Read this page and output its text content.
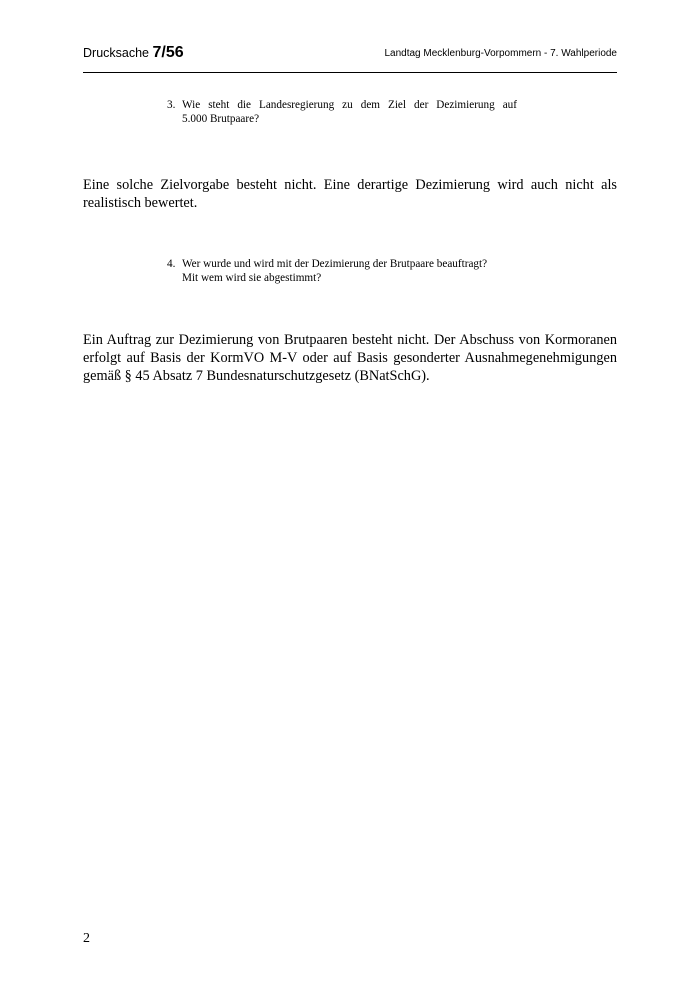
Drucksache 7/56	Landtag Mecklenburg-Vorpommern - 7. Wahlperiode
3. Wie steht die Landesregierung zu dem Ziel der Dezimierung auf
5.000 Brutpaare?
Eine solche Zielvorgabe besteht nicht. Eine derartige Dezimierung wird auch nicht als realistisch bewertet.
4. Wer wurde und wird mit der Dezimierung der Brutpaare beauftragt?
Mit wem wird sie abgestimmt?
Ein Auftrag zur Dezimierung von Brutpaaren besteht nicht. Der Abschuss von Kormoranen erfolgt auf Basis der KormVO M-V oder auf Basis gesonderter Ausnahmegenehmigungen gemäß § 45 Absatz 7 Bundesnaturschutzgesetz (BNatSchG).
2
